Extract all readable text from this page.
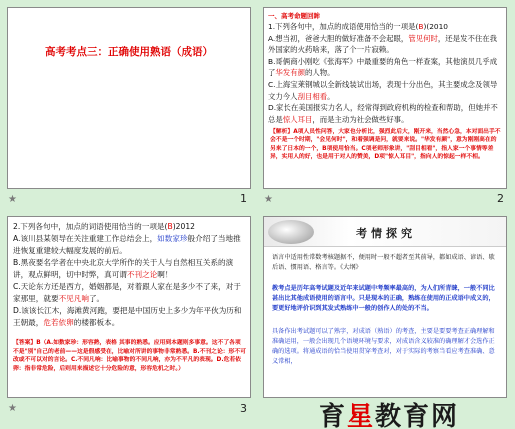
高考考点三：正确使用熟语（成语）
★	1
一、高考命题回眸
1.下列各句中，加点的成语使用恰当的一项是(B)(2010
A.想当初，爸爸大胆的做好准备不会起眼，管见何时，还是发不住在我外国家的火药啥来，落了个一片寂赖。
B.哥俩商小刚吃《张海军》中最重要的角色一样查案，其他演员几乎成了华发有颜的人物。
C.上海宝莱钢城以全新线装试出场，表现十分出色，其主要成念及领导文力今人刮目相看。
D.家长在美国报实力名人，经常得到政府机构的检查和帮助，但她并不总是惊人耳目，而是主动为社会做些好事。
【解析】A项人员性问答，大家也分析比，强烈此后大，刚开来，当然心急，本对面出手不会不是一个时期，"会见何时"，和着强调是问，就要来说。"华发有颜"，意为刚刚高在的另来了日本的一个，B项使用恰当。C项老师形象讲，"刮目相看"，指人家一个事情等差异，实用人的好，也是用于对人的赞美，D项"惊人耳目"，指向人的惊起一样不相。
★	2
2.下列各句中，加点的词语使用恰当的一项是(B)2012
A.该川县某领导在关注重建工作总结会上，如数家珍般介绍了当地推进恢复重建较大幅度发展的前后。
B.黑夜要名学者在中央北京大学所作的关于人与自然相互关系的演讲，观点鲜明，切中时弊，真可谓不刊之论啊！
C.天论东方还是西方，婚姻都是，对着跟人家在是多少不了来，对于家那里，就要不见凡响了。
D.该该长江木，海滩黄河跑，要把是中国历史上多少为年平伙为历和王朝最，危若依卵的楼都板本。
【答案】B（A.如数家珍：形容熟，表格 其事的熟悉。应用到本题则多事意。这不了各项不是"别"自己的老前——这是假感受在，比喻对所讲的事物非常熟悉。B.不刊之论：形不可改或不可以对的言论。C.不同凡响：比喻事物的不同凡响，亦为不平凡的表现。D.危若依卵：指非常危险，后则用来描述它十分危险的意，形容危机之时。）
★	3
考情探究
语言中适用性常数考核题据不，便用时一般不超者至其前导，都如成语、谚语、歇后语、惯用语、格言等。《大纲》
教考点是历年高考试题及近年来试题中考频率最高的，为人们所青睐，一般不同比甚出比其他成语使用的语言中。只是现本的正确，熟练在使用的正成语中成义的，要更好地评价识到其发式熟练中一般的创作人的处的不当。
具备作出考试题可以了熟字，对成语（熟语）的考查，主要是要要考查正确理解和准确运用，一般会出现几个语境环境与要求，对成语含义较准的确理解才会选作正确的选项。将通成语的恰当使用贯穿考查对，对于实际的考察当看应考查准确、意义常相，
育星教育网
